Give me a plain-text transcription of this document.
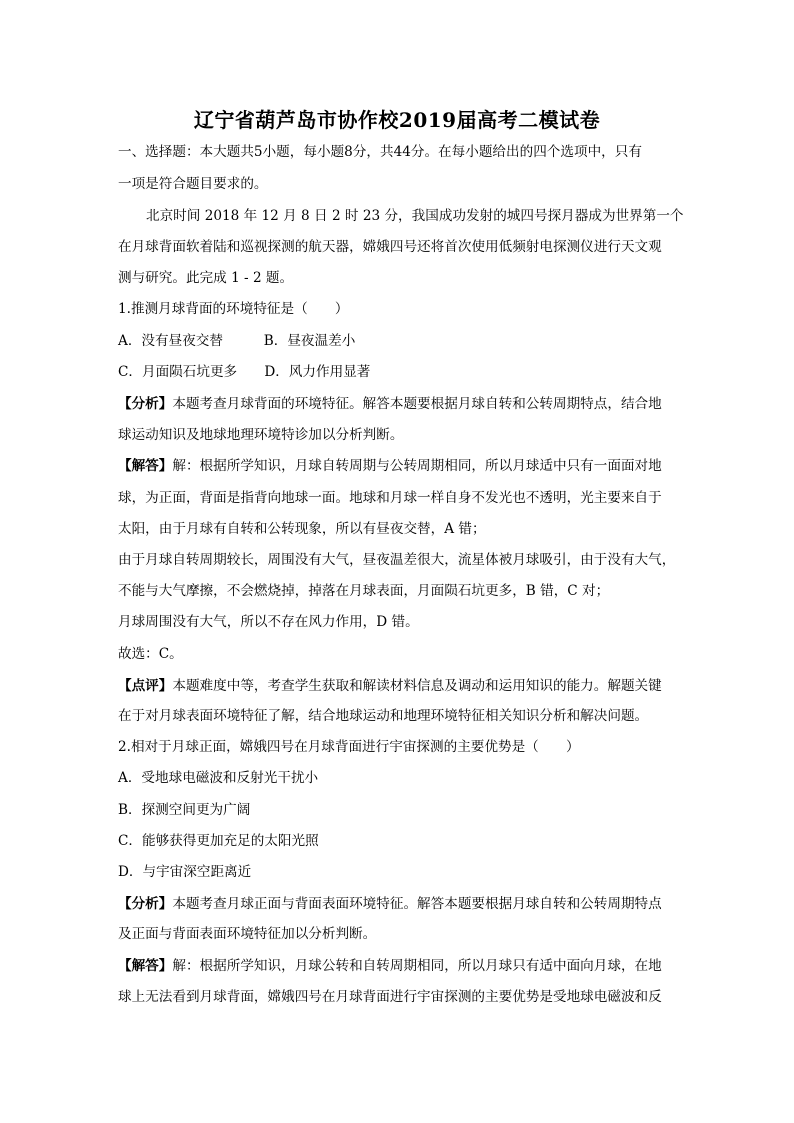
辽宁省葫芦岛市协作校2019届高考二模试卷
一、选择题：本大题共5小题，每小题8分，共44分。在每小题给出的四个选项中，只有
一项是符合题目要求的。
北京时间 2018 年 12 月 8 日 2 时 23 分，我国成功发射的城四号探月器成为世界第一个
在月球背面软着陆和巡视探测的航天器，嫦娥四号还将首次使用低频射电探测仪进行天文观
测与研究。此完成 1 - 2 题。
1.推测月球背面的环境特征是（　　）
A．没有昼夜交替　　　B．昼夜温差小
C．月面陨石坑更多　　D．风力作用显著
【分析】本题考查月球背面的环境特征。解答本题要根据月球自转和公转周期特点，结合地
球运动知识及地球地理环境特诊加以分析判断。
【解答】解：根据所学知识，月球自转周期与公转周期相同，所以月球适中只有一面面对地
球，为正面，背面是指背向地球一面。地球和月球一样自身不发光也不透明，光主要来自于
太阳，由于月球有自转和公转现象，所以有昼夜交替，A 错；
由于月球自转周期较长，周围没有大气，昼夜温差很大，流星体被月球吸引，由于没有大气，
不能与大气摩擦，不会燃烧掉，掉落在月球表面，月面陨石坑更多，B 错，C 对；
月球周围没有大气，所以不存在风力作用，D 错。
故选：C。
【点评】本题难度中等，考查学生获取和解读材料信息及调动和运用知识的能力。解题关键
在于对月球表面环境特征了解，结合地球运动和地理环境特征相关知识分析和解决问题。
2.相对于月球正面，嫦娥四号在月球背面进行宇宙探测的主要优势是（　　）
A．受地球电磁波和反射光干扰小
B．探测空间更为广阔
C．能够获得更加充足的太阳光照
D．与宇宙深空距离近
【分析】本题考查月球正面与背面表面环境特征。解答本题要根据月球自转和公转周期特点
及正面与背面表面环境特征加以分析判断。
【解答】解：根据所学知识，月球公转和自转周期相同，所以月球只有适中面向月球，在地
球上无法看到月球背面，嫦娥四号在月球背面进行宇宙探测的主要优势是受地球电磁波和反
